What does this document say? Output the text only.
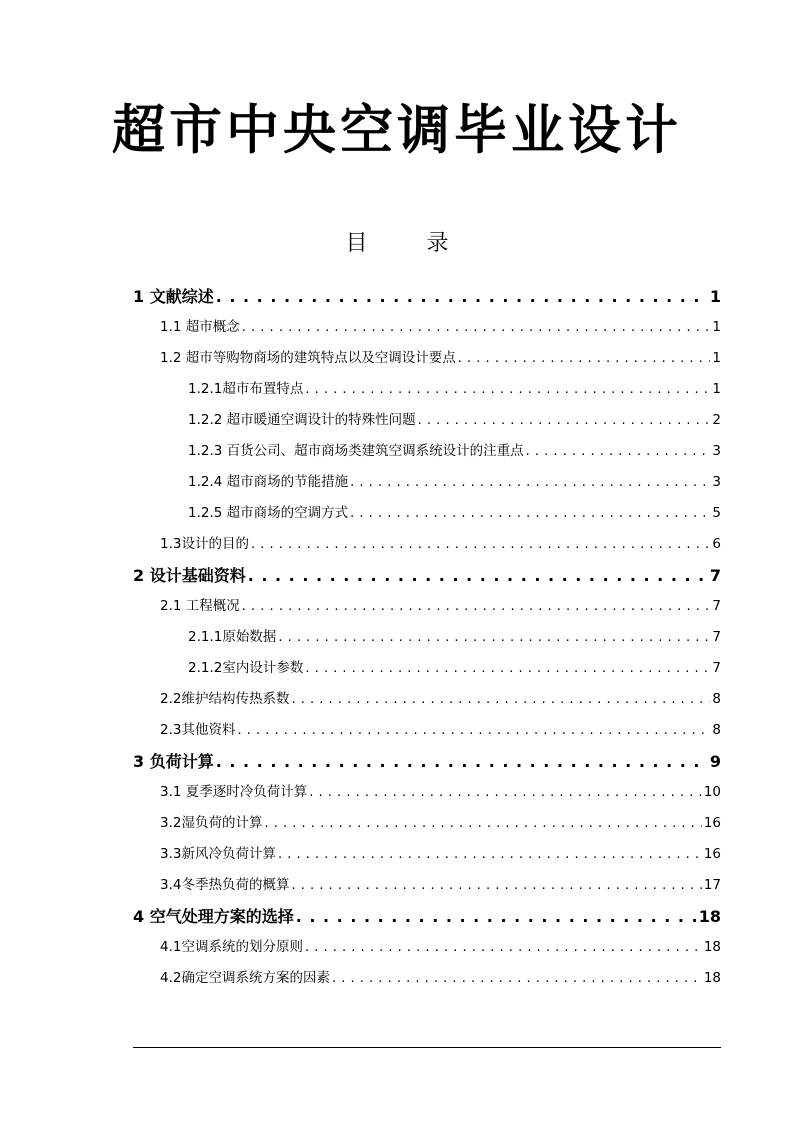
超市中央空调毕业设计
目 录
1 文献综述 . . .	1
1.1 超市概念 . . .	1
1.2 超市等购物商场的建筑特点以及空调设计要点 . . .	1
1.2.1超市布置特点 . . .	1
1.2.2 超市暖通空调设计的特殊性问题 . . .	2
1.2.3 百货公司、超市商场类建筑空调系统设计的注重点 . . .	3
1.2.4 超市商场的节能措施 . . .	3
1.2.5 超市商场的空调方式 . . .	5
1.3设计的目的 . . .	6
2 设计基础资料 . . .	7
2.1 工程概况 . . .	7
2.1.1原始数据 . . .	7
2.1.2室内设计参数 . . .	7
2.2维护结构传热系数 . . .	8
2.3其他资料 . . .	8
3 负荷计算 . . .	9
3.1 夏季逐时冷负荷计算 . . .	10
3.2湿负荷的计算 . . .	16
3.3新风冷负荷计算 . . .	16
3.4冬季热负荷的概算 . . .	17
4 空气处理方案的选择 . . .	18
4.1空调系统的划分原则 . . .	18
4.2确定空调系统方案的因素 . . .	18
